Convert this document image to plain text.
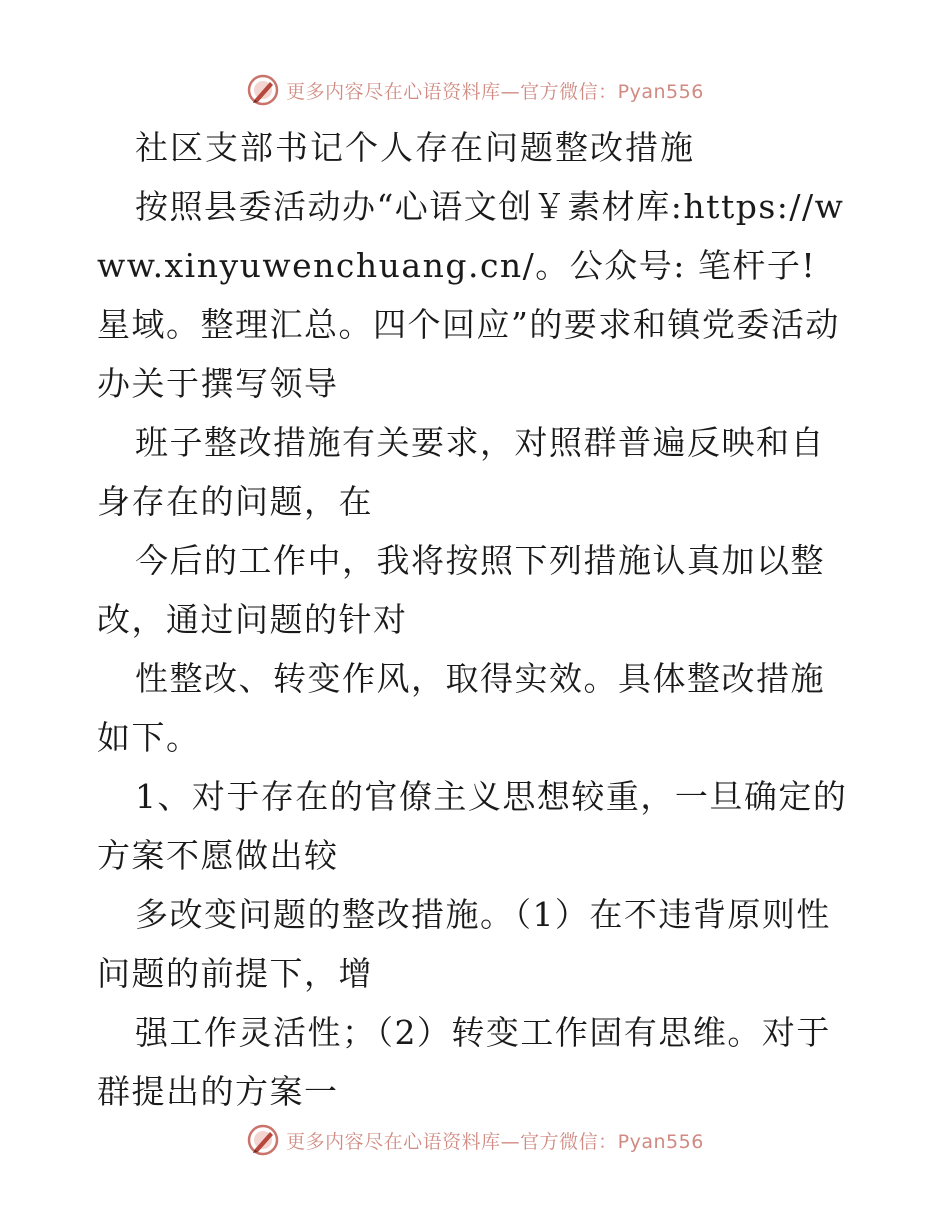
更多内容尽在心语资料库—官方微信：Pyan556

社区支部书记个人存在问题整改措施

按照县委活动办“心语文创￥素材库:https://www.xinyuwenchuang.cn/。公众号: 笔杆子! 星域。整理汇总。四个回应”的要求和镇党委活动办关于撰写领导

班子整改措施有关要求，对照群普遍反映和自身存在的问题，在

今后的工作中，我将按照下列措施认真加以整改，通过问题的针对

性整改、转变作风，取得实效。具体整改措施如下。

1、对于存在的官僚主义思想较重，一旦确定的方案不愿做出较

多改变问题的整改措施。（1）在不违背原则性问题的前提下，增

强工作灵活性；（2）转变工作固有思维。对于群提出的方案一

更多内容尽在心语资料库—官方微信：Pyan556
